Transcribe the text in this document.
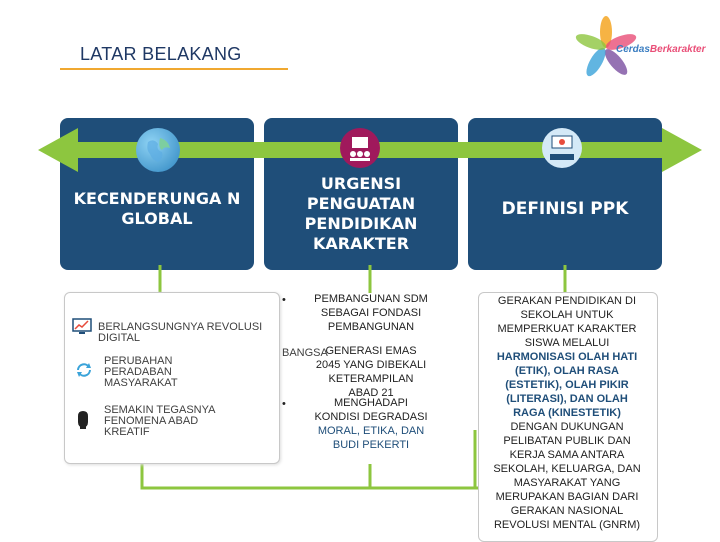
LATAR BELAKANG	CerdasBerkarakter
KECENDERUNGA N GLOBAL
URGENSI PENGUATAN PENDIDIKAN KARAKTER
DEFINISI PPK
BERLANGSUNGNYA REVOLUSI DIGITAL
PERUBAHAN PERADABAN MASYARAKAT
SEMAKIN TEGASNYA FENOMENA ABAD KREATIF
•	PEMBANGUNAN SDM
SEBAGAI FONDASI
PEMBANGUNAN
BANGSA
GENERASI EMAS
2045 YANG DIBEKALI
KETERAMPILAN
ABAD 21
•	MENGHADAPI
KONDISI DEGRADASI
MORAL, ETIKA, DAN
BUDI PEKERTI
GERAKAN PENDIDIKAN DI
SEKOLAH UNTUK
MEMPERKUAT KARAKTER
SISWA MELALUI
HARMONISASI OLAH HATI
(ETIK), OLAH RASA
(ESTETIK), OLAH PIKIR
(LITERASI), DAN OLAH
RAGA (KINESTETIK)
DENGAN DUKUNGAN
PELIBATAN PUBLIK DAN
KERJA SAMA ANTARA
SEKOLAH, KELUARGA, DAN
MASYARAKAT YANG
MERUPAKAN BAGIAN DARI
GERAKAN NASIONAL
REVOLUSI MENTAL (GNRM)
